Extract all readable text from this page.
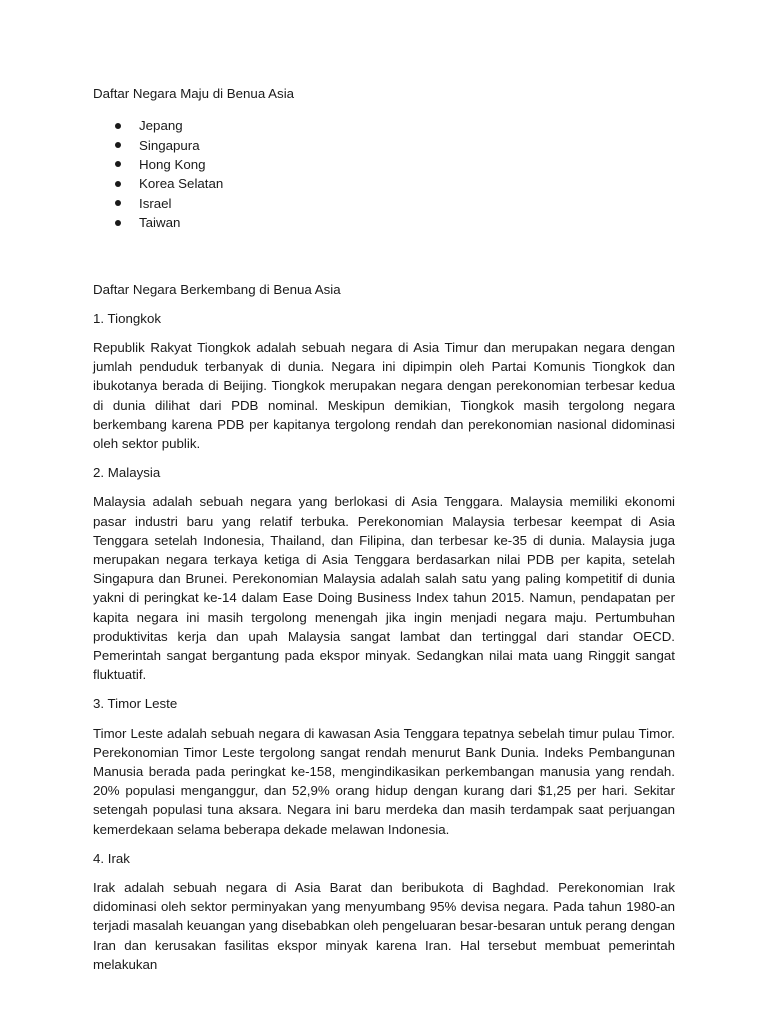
Daftar Negara Maju di Benua Asia
Jepang
Singapura
Hong Kong
Korea Selatan
Israel
Taiwan
Daftar Negara Berkembang di Benua Asia
1. Tiongkok

Republik Rakyat Tiongkok adalah sebuah negara di Asia Timur dan merupakan negara dengan jumlah penduduk terbanyak di dunia. Negara ini dipimpin oleh Partai Komunis Tiongkok dan ibukotanya berada di Beijing. Tiongkok merupakan negara dengan perekonomian terbesar kedua di dunia dilihat dari PDB nominal. Meskipun demikian, Tiongkok masih tergolong negara berkembang karena PDB per kapitanya tergolong rendah dan perekonomian nasional didominasi oleh sektor publik.

2. Malaysia

Malaysia adalah sebuah negara yang berlokasi di Asia Tenggara. Malaysia memiliki ekonomi pasar industri baru yang relatif terbuka. Perekonomian Malaysia terbesar keempat di Asia Tenggara setelah Indonesia, Thailand, dan Filipina, dan terbesar ke-35 di dunia. Malaysia juga merupakan negara terkaya ketiga di Asia Tenggara berdasarkan nilai PDB per kapita, setelah Singapura dan Brunei. Perekonomian Malaysia adalah salah satu yang paling kompetitif di dunia yakni di peringkat ke-14 dalam Ease Doing Business Index tahun 2015. Namun, pendapatan per kapita negara ini masih tergolong menengah jika ingin menjadi negara maju. Pertumbuhan produktivitas kerja dan upah Malaysia sangat lambat dan tertinggal dari standar OECD. Pemerintah sangat bergantung pada ekspor minyak. Sedangkan nilai mata uang Ringgit sangat fluktuatif.

3. Timor Leste

Timor Leste adalah sebuah negara di kawasan Asia Tenggara tepatnya sebelah timur pulau Timor. Perekonomian Timor Leste tergolong sangat rendah menurut Bank Dunia. Indeks Pembangunan Manusia berada pada peringkat ke-158, mengindikasikan perkembangan manusia yang rendah. 20% populasi menganggur, dan 52,9% orang hidup dengan kurang dari $1,25 per hari. Sekitar setengah populasi tuna aksara. Negara ini baru merdeka dan masih terdampak saat perjuangan kemerdekaan selama beberapa dekade melawan Indonesia.

4. Irak

Irak adalah sebuah negara di Asia Barat dan beribukota di Baghdad. Perekonomian Irak didominasi oleh sektor perminyakan yang menyumbang 95% devisa negara. Pada tahun 1980-an terjadi masalah keuangan yang disebabkan oleh pengeluaran besar-besaran untuk perang dengan Iran dan kerusakan fasilitas ekspor minyak karena Iran. Hal tersebut membuat pemerintah melakukan
